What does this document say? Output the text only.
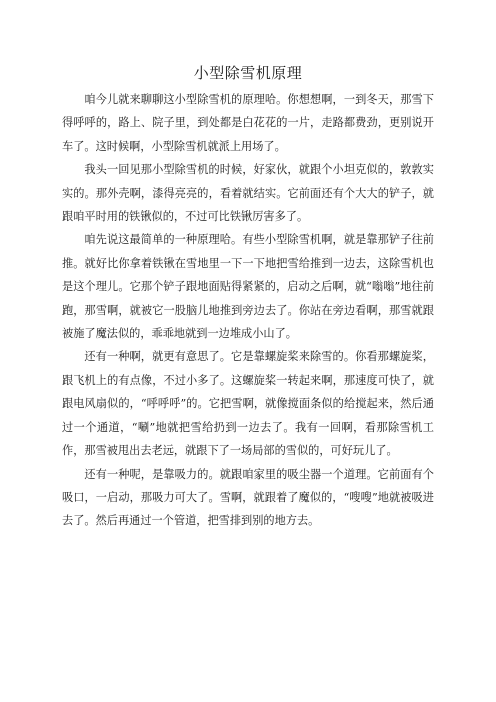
小型除雪机原理

咱今儿就来聊聊这小型除雪机的原理哈。你想想啊，一到冬天，那雪下得呼呼的，路上、院子里，到处都是白花花的一片，走路都费劲，更别说开车了。这时候啊，小型除雪机就派上用场了。

我头一回见那小型除雪机的时候，好家伙，就跟个小坦克似的，敦敦实实的。那外壳啊，漆得亮亮的，看着就结实。它前面还有个大大的铲子，就跟咱平时用的铁锹似的，不过可比铁锹厉害多了。

咱先说这最简单的一种原理哈。有些小型除雪机啊，就是靠那铲子往前推。就好比你拿着铁锹在雪地里一下一下地把雪给推到一边去，这除雪机也是这个理儿。它那个铲子跟地面贴得紧紧的，启动之后啊，就“嗡嗡”地往前跑，那雪啊，就被它一股脑儿地推到旁边去了。你站在旁边看啊，那雪就跟被施了魔法似的，乖乖地就到一边堆成小山了。

还有一种啊，就更有意思了。它是靠螺旋桨来除雪的。你看那螺旋桨，跟飞机上的有点像，不过小多了。这螺旋桨一转起来啊，那速度可快了，就跟电风扇似的，“呼呼呼”的。它把雪啊，就像搅面条似的给搅起来，然后通过一个通道，“唰”地就把雪给扔到一边去了。我有一回啊，看那除雪机工作，那雪被甩出去老远，就跟下了一场局部的雪似的，可好玩儿了。

还有一种呢，是靠吸力的。就跟咱家里的吸尘器一个道理。它前面有个吸口，一启动，那吸力可大了。雪啊，就跟着了魔似的，“嗖嗖”地就被吸进去了。然后再通过一个管道，把雪排到别的地方去。
